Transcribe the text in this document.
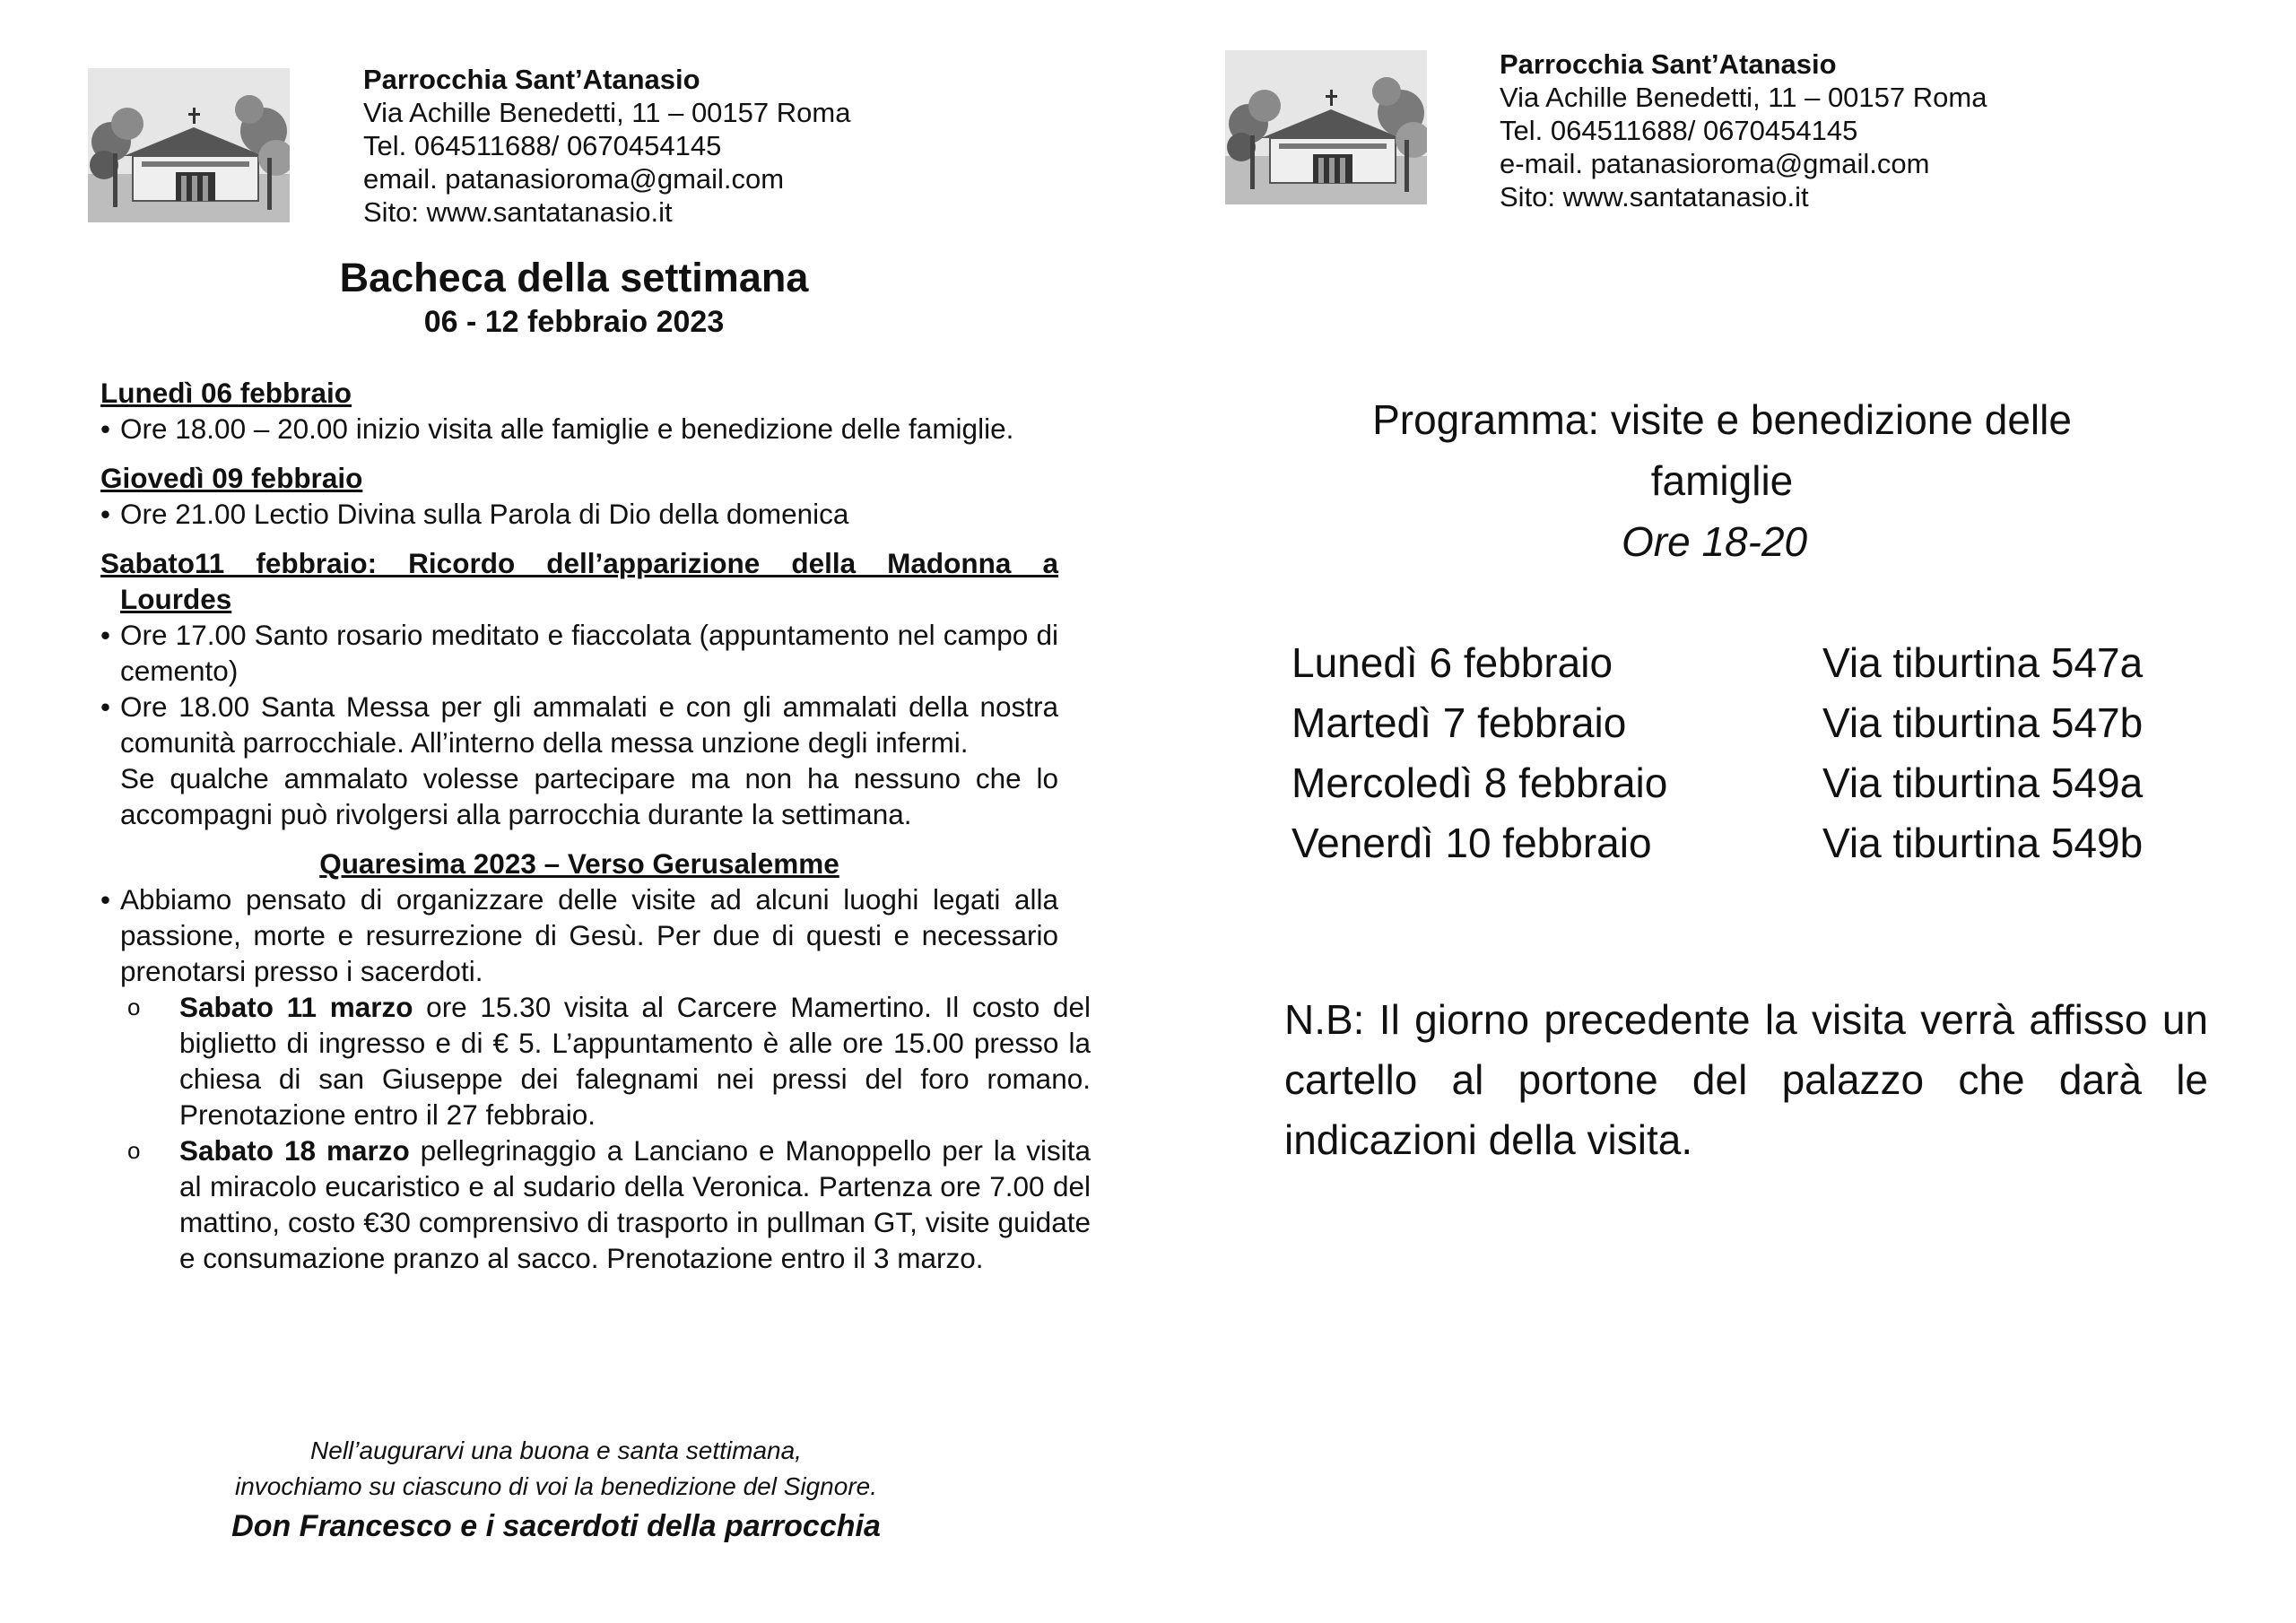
Parrocchia Sant’Atanasio
Via Achille Benedetti, 11 – 00157 Roma
Tel. 064511688/ 0670454145
email. patanasioroma@gmail.com
Sito: www.santatanasio.it
Bacheca della settimana
06 - 12 febbraio 2023
Lunedì 06 febbraio
• Ore 18.00 – 20.00 inizio visita alle famiglie e benedizione delle famiglie.
Giovedì 09 febbraio
• Ore 21.00 Lectio Divina sulla Parola di Dio della domenica
Sabato11 febbraio: Ricordo dell’apparizione della Madonna a
Lourdes
• Ore 17.00 Santo rosario meditato e fiaccolata (appuntamento nel campo di cemento)
• Ore 18.00 Santa Messa per gli ammalati e con gli ammalati della nostra comunità parrocchiale. All’interno della messa unzione degli infermi.
Se qualche ammalato volesse partecipare ma non ha nessuno che lo accompagni può rivolgersi alla parrocchia durante la settimana.
Quaresima 2023 – Verso Gerusalemme
• Abbiamo pensato di organizzare delle visite ad alcuni luoghi legati alla passione, morte e resurrezione di Gesù. Per due di questi e necessario prenotarsi presso i sacerdoti.
o Sabato 11 marzo ore 15.30 visita al Carcere Mamertino. Il costo del biglietto di ingresso e di € 5. L’appuntamento è alle ore 15.00 presso la chiesa di san Giuseppe dei falegnami nei pressi del foro romano. Prenotazione entro il 27 febbraio.
o Sabato 18 marzo pellegrinaggio a Lanciano e Manoppello per la visita al miracolo eucaristico e al sudario della Veronica. Partenza ore 7.00 del mattino, costo €30 comprensivo di trasporto in pullman GT, visite guidate e consumazione pranzo al sacco. Prenotazione entro il 3 marzo.
Nell’augurarvi una buona e santa settimana,
invochiamo su ciascuno di voi la benedizione del Signore.
Don Francesco e i sacerdoti della parrocchia
Parrocchia Sant’Atanasio
Via Achille Benedetti, 11 – 00157 Roma
Tel. 064511688/ 0670454145
e-mail. patanasioroma@gmail.com
Sito: www.santatanasio.it
Programma: visite e benedizione delle
famiglie
Ore 18-20
Lunedì 6 febbraio	Via tiburtina 547a
Martedì 7 febbraio	Via tiburtina 547b
Mercoledì 8 febbraio	Via tiburtina 549a
Venerdì 10 febbraio	Via tiburtina 549b
N.B: Il giorno precedente la visita verrà affisso un cartello al portone del palazzo che darà le indicazioni della visita.
